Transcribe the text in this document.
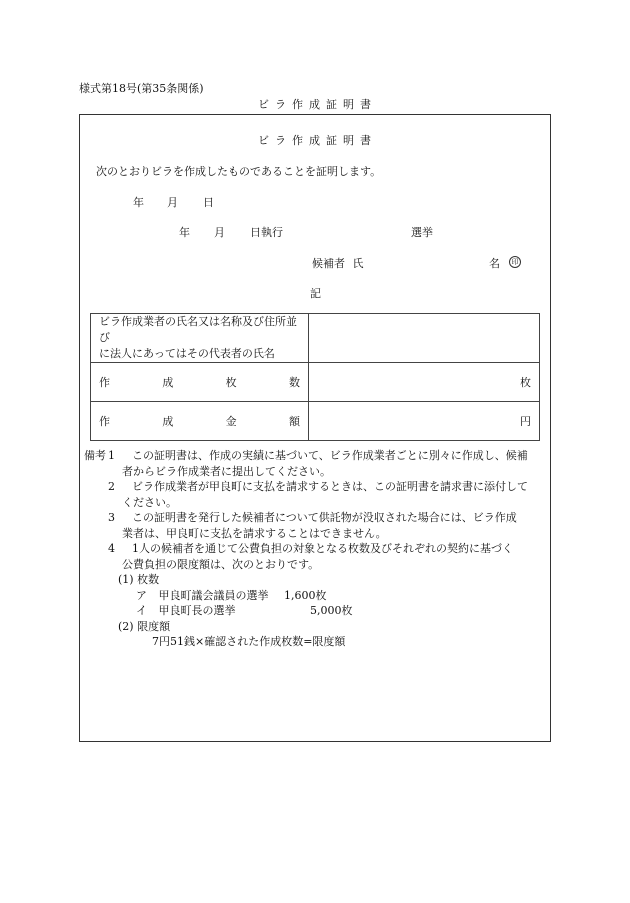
様式第18号(第35条関係)
ビラ作成証明書
ビラ作成証明書
次のとおりビラを作成したものであることを証明します。
年 月 日
年 月 日執行	選挙
候補者 氏	名	印
記
ビラ作成業者の氏名又は名称及び住所並び
に法人にあってはその代表者の氏名	

作 成 枚 数	枚

作 成 金 額	円
備考 1	この証明書は、作成の実績に基づいて、ビラ作成業者ごとに別々に作成し、候補
者からビラ作成業者に提出してください。
2	ビラ作成業者が甲良町に支払を請求するときは、この証明書を請求書に添付して
ください。
3	この証明書を発行した候補者について供託物が没収された場合には、ビラ作成
業者は、甲良町に支払を請求することはできません。
4	1人の候補者を通じて公費負担の対象となる枚数及びそれぞれの契約に基づく
公費負担の限度額は、次のとおりです。
(1) 枚数
ア 甲良町議会議員の選挙 1,600枚
イ 甲良町長の選挙	5,000枚
(2) 限度額
7円51銭×確認された作成枚数=限度額
